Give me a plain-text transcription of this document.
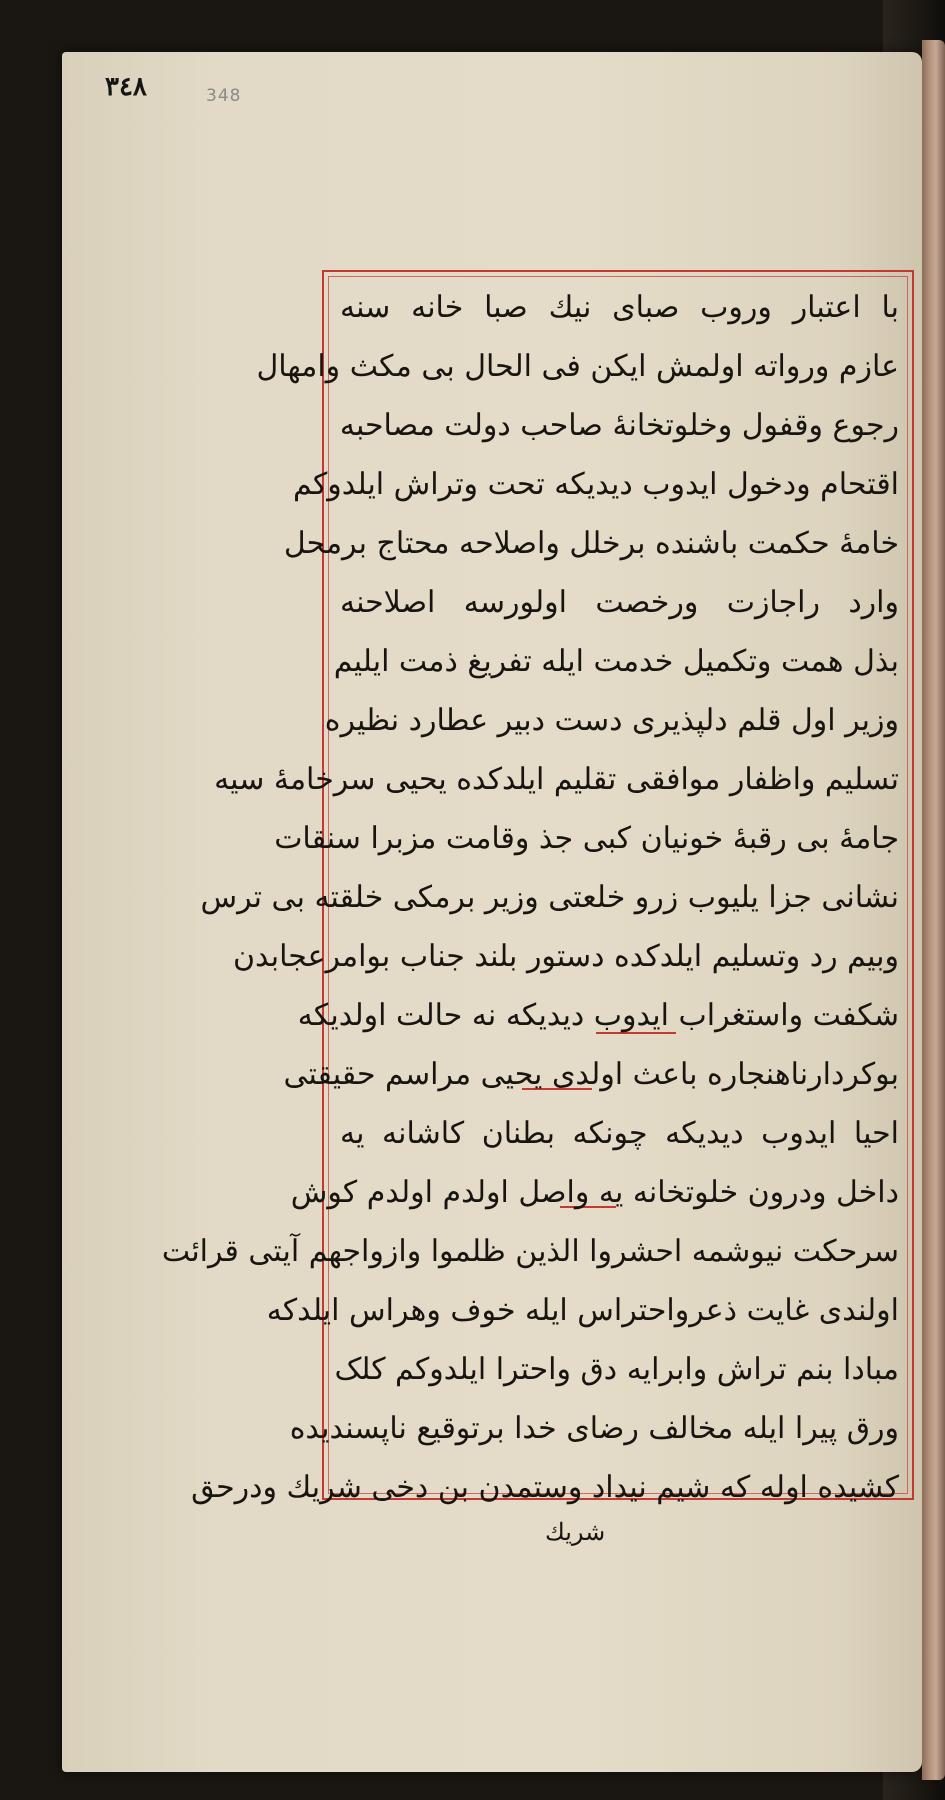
٣٤٨	348
با اعتبار وروب صبای نیك صبا خانه سنه
عازم ورواته اولمش ایکن فی الحال بی مکث وامهال
رجوع وقفول وخلوتخانهٔ صاحب دولت مصاحبه
اقتحام ودخول ایدوب دیدیکه تحت وتراش ایلدوکم
خامهٔ حکمت باشنده برخلل واصلاحه محتاج برمحل
وارد راجازت ورخصت اولورسه اصلاحنه
بذل همت وتکمیل خدمت ایله تفریغ ذمت ایلیم
وزیر اول قلم دلپذیری دست دبیر عطارد نظیره
تسلیم واظفار موافقی تقلیم ایلدکده یحیی سرخامهٔ سیه
جامهٔ بی رقبهٔ خونیان کبی جذ وقامت مزبرا سنقات
نشانی جزا یلیوب زرو خلعتی وزیر برمکی خلقته بی ترس
وبیم رد وتسلیم ایلدکده دستور بلند جناب بوامرعجابدن
شکفت واستغراب ایدوب دیدیکه نه حالت اولدیکه
بوکردارناهنجاره باعث اولدی یحیی مراسم حقیقتی
احیا ایدوب دیدیکه چونکه بطنان کاشانه یه
داخل ودرون خلوتخانه یه واصل اولدم اولدم کوش
سرحکت نیوشمه احشروا الذین ظلموا وازواجهم آیتی قرائت
اولندی غایت ذعرواحتراس ایله خوف وهراس ایلدکه
مبادا بنم تراش وابرایه دق واحترا ایلدوکم کلک
ورق پیرا ایله مخالف رضای خدا برتوقیع ناپسندیده
کشیده اوله که شیم نیداد وستمدن بن دخی شریك ودرحق
شریك
